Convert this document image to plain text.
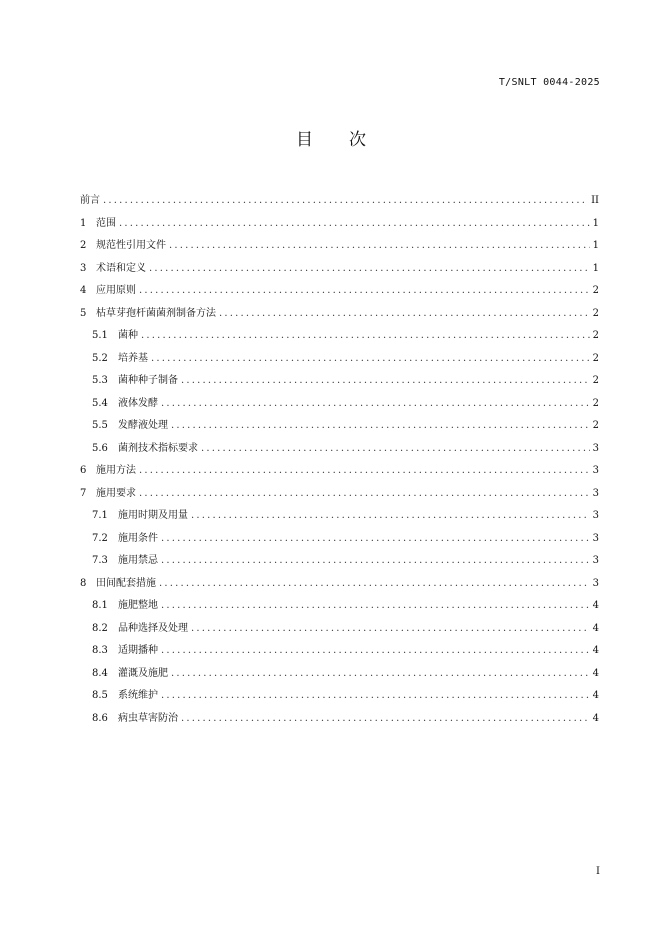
T/SNLT 0044-2025
目次
前言 .....	II
1 范围 .....	1
2 规范性引用文件 .....	1
3 术语和定义 .....	1
4 应用原则 .....	2
5 枯草芽孢杆菌菌剂制备方法 .....	2
5.1	菌种 .....	2
5.2	培养基 .....	2
5.3	菌种种子制备 .....	2
5.4	液体发酵 .....	2
5.5	发酵液处理 .....	2
5.6	菌剂技术指标要求 .....	3
6 施用方法 .....	3
7 施用要求 .....	3
7.1	施用时期及用量 .....	3
7.2	施用条件 .....	3
7.3	施用禁忌 .....	3
8 田间配套措施 .....	3
8.1	施肥整地 .....	4
8.2	品种选择及处理 .....	4
8.3	适期播种 .....	4
8.4	灌溉及施肥 .....	4
8.5	系统维护 .....	4
8.6	病虫草害防治 .....	4
I
